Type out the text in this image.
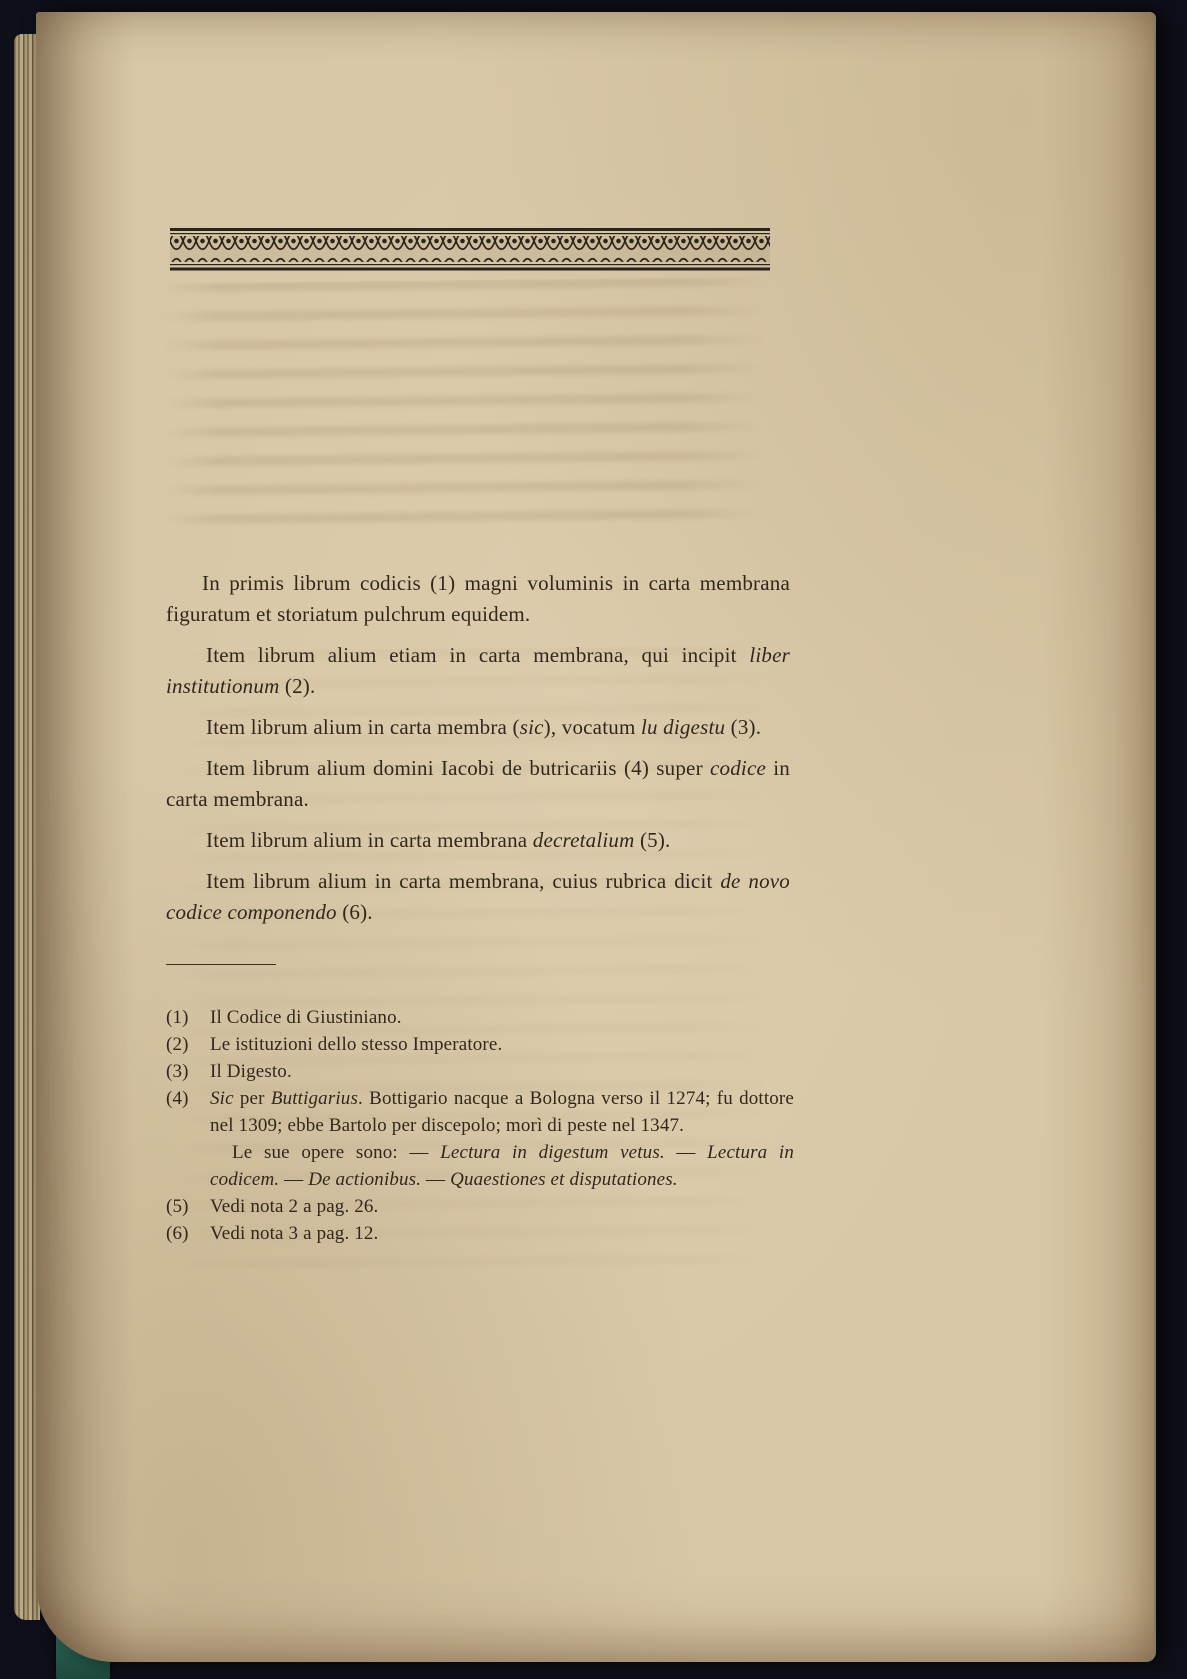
In primis librum codicis (1) magni voluminis in carta membrana figuratum et storiatum pulchrum equidem.

Item librum alium etiam in carta membrana, qui incipit liber institutionum (2).

Item librum alium in carta membra (sic), vocatum lu digestu (3).

Item librum alium domini Iacobi de butricariis (4) super codice in carta membrana.

Item librum alium in carta membrana decretalium (5).

Item librum alium in carta membrana, cuius rubrica dicit de novo codice componendo (6).

(1)	Il Codice di Giustiniano.

(2)	Le istituzioni dello stesso Imperatore.

(3)	Il Digesto.

(4)	Sic per Buttigarius. Bottigario nacque a Bologna verso il 1274; fu dottore nel 1309; ebbe Bartolo per discepolo; morì di peste nel 1347.

Le sue opere sono: — Lectura in digestum vetus. — Lectura in codicem. — De actionibus. — Quaestiones et disputationes.

(5)	Vedi nota 2 a pag. 26.

(6)	Vedi nota 3 a pag. 12.
